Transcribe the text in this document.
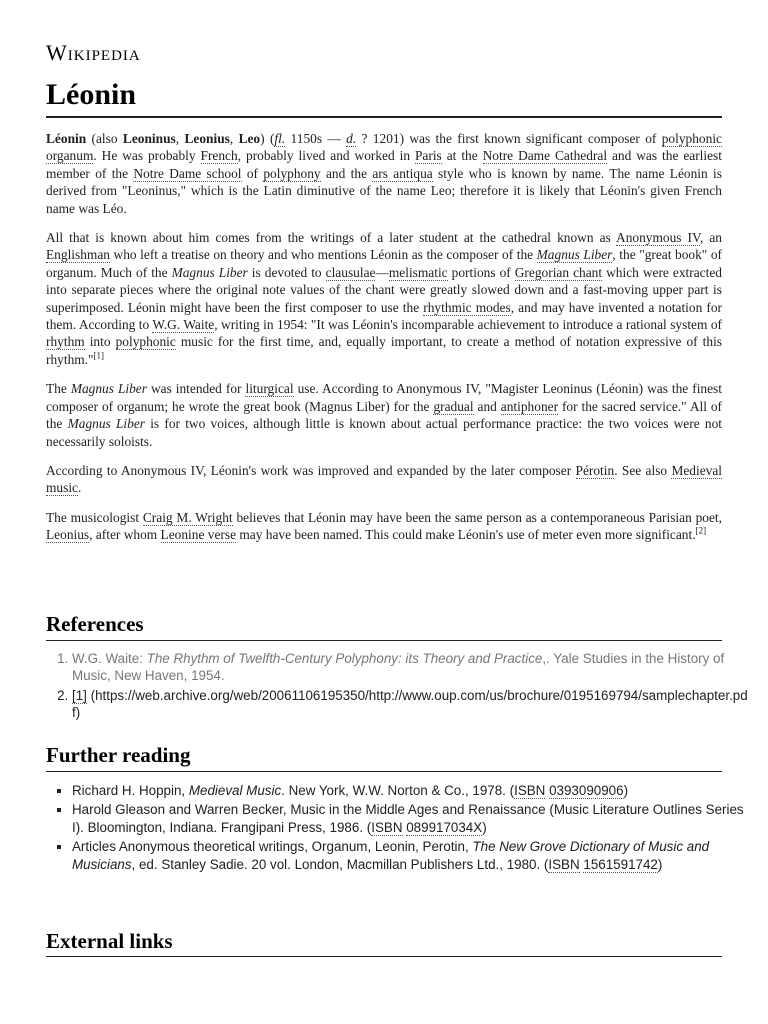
Wikipedia
Léonin

Léonin (also Leoninus, Leonius, Leo) (fl. 1150s — d. ? 1201) was the first known significant composer of polyphonic organum. He was probably French, probably lived and worked in Paris at the Notre Dame Cathedral and was the earliest member of the Notre Dame school of polyphony and the ars antiqua style who is known by name. The name Léonin is derived from "Leoninus," which is the Latin diminutive of the name Leo; therefore it is likely that Léonin's given French name was Léo.

All that is known about him comes from the writings of a later student at the cathedral known as Anonymous IV, an Englishman who left a treatise on theory and who mentions Léonin as the composer of the Magnus Liber, the "great book" of organum. Much of the Magnus Liber is devoted to clausulae—melismatic portions of Gregorian chant which were extracted into separate pieces where the original note values of the chant were greatly slowed down and a fast-moving upper part is superimposed. Léonin might have been the first composer to use the rhythmic modes, and may have invented a notation for them. According to W.G. Waite, writing in 1954: "It was Léonin's incomparable achievement to introduce a rational system of rhythm into polyphonic music for the first time, and, equally important, to create a method of notation expressive of this rhythm."[1]

The Magnus Liber was intended for liturgical use. According to Anonymous IV, "Magister Leoninus (Léonin) was the finest composer of organum; he wrote the great book (Magnus Liber) for the gradual and antiphoner for the sacred service." All of the Magnus Liber is for two voices, although little is known about actual performance practice: the two voices were not necessarily soloists.

According to Anonymous IV, Léonin's work was improved and expanded by the later composer Pérotin. See also Medieval music.

The musicologist Craig M. Wright believes that Léonin may have been the same person as a contemporaneous Parisian poet, Leonius, after whom Leonine verse may have been named. This could make Léonin's use of meter even more significant.[2]

References
1. W.G. Waite: The Rhythm of Twelfth-Century Polyphony: its Theory and Practice,. Yale Studies in the History of Music, New Haven, 1954.
2. [1] (https://web.archive.org/web/20061106195350/http://www.oup.com/us/brochure/0195169794/samplechapter.pdf)
Further reading
▪ Richard H. Hoppin, Medieval Music. New York, W.W. Norton & Co., 1978. (ISBN 0393090906)
▪ Harold Gleason and Warren Becker, Music in the Middle Ages and Renaissance (Music Literature Outlines Series I). Bloomington, Indiana. Frangipani Press, 1986. (ISBN 089917034X)
▪ Articles Anonymous theoretical writings, Organum, Leonin, Perotin, The New Grove Dictionary of Music and Musicians, ed. Stanley Sadie. 20 vol. London, Macmillan Publishers Ltd., 1980. (ISBN 1561591742)
External links
